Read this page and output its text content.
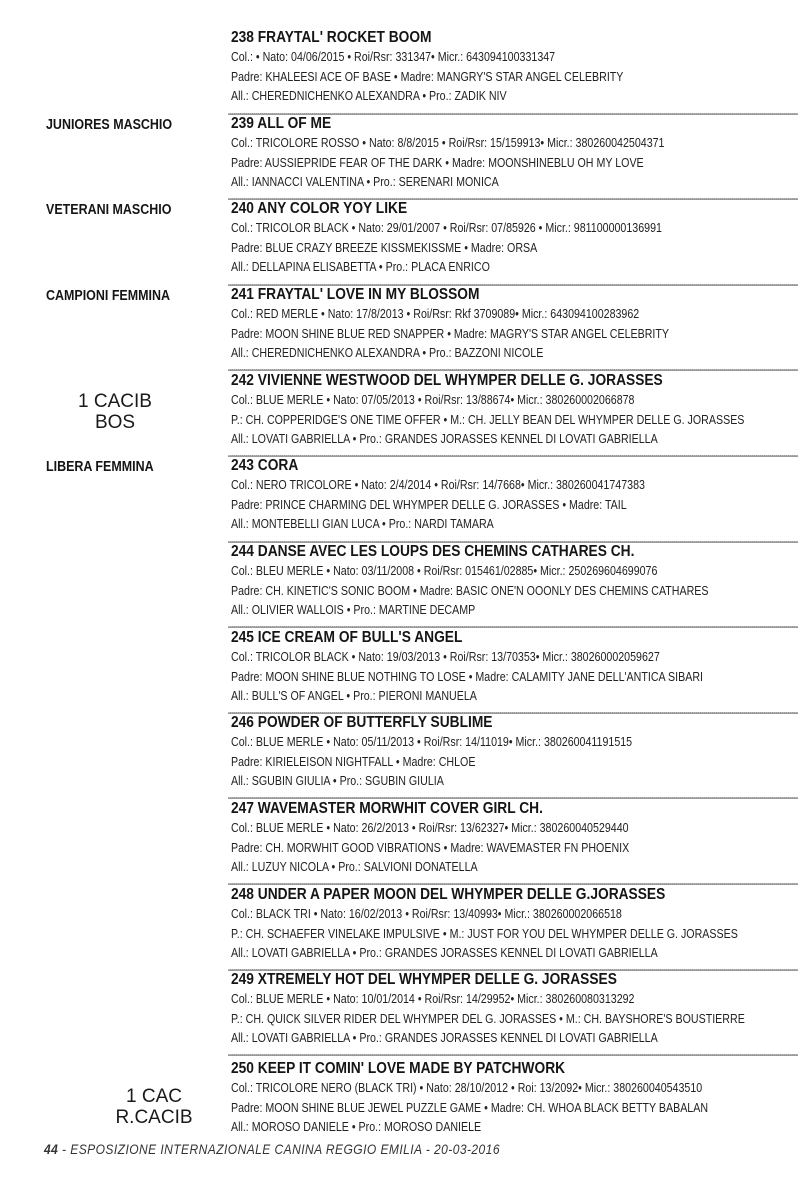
JUNIORES MASCHIO
VETERANI MASCHIO
CAMPIONI FEMMINA
LIBERA FEMMINA
1 CACIB
BOS
1 CAC
R.CACIB
238 FRAYTAL' ROCKET BOOM
Col.: • Nato: 04/06/2015 • Roi/Rsr: 331347• Micr.: 643094100331347
Padre: KHALEESI ACE OF BASE • Madre: MANGRY'S STAR ANGEL CELEBRITY
All.: CHEREDNICHENKO ALEXANDRA • Pro.: ZADIK NIV
239 ALL OF ME
Col.: TRICOLORE ROSSO • Nato: 8/8/2015 • Roi/Rsr: 15/159913• Micr.: 380260042504371
Padre: AUSSIEPRIDE FEAR OF THE DARK • Madre: MOONSHINEBLU OH MY LOVE
All.: IANNACCI VALENTINA • Pro.: SERENARI MONICA
240 ANY COLOR YOY LIKE
Col.: TRICOLOR BLACK • Nato: 29/01/2007 • Roi/Rsr: 07/85926 • Micr.: 981100000136991
Padre: BLUE CRAZY BREEZE KISSMEKISSME • Madre: ORSA
All.: DELLAPINA ELISABETTA • Pro.: PLACA ENRICO
241 FRAYTAL' LOVE IN MY BLOSSOM
Col.: RED MERLE • Nato: 17/8/2013 • Roi/Rsr: Rkf 3709089• Micr.: 643094100283962
Padre: MOON SHINE BLUE RED SNAPPER • Madre: MAGRY'S STAR ANGEL CELEBRITY
All.: CHEREDNICHENKO ALEXANDRA • Pro.: BAZZONI NICOLE
242 VIVIENNE WESTWOOD DEL WHYMPER DELLE G. JORASSES
Col.: BLUE MERLE • Nato: 07/05/2013 • Roi/Rsr: 13/88674• Micr.: 380260002066878
P.: CH. COPPERIDGE'S ONE TIME OFFER • M.: CH. JELLY BEAN DEL WHYMPER DELLE G. JORASSES
All.: LOVATI GABRIELLA • Pro.: GRANDES JORASSES KENNEL DI LOVATI GABRIELLA
243 CORA
Col.: NERO TRICOLORE • Nato: 2/4/2014 • Roi/Rsr: 14/7668• Micr.: 380260041747383
Padre: PRINCE CHARMING DEL WHYMPER DELLE G. JORASSES • Madre: TAIL
All.: MONTEBELLI GIAN LUCA • Pro.: NARDI TAMARA
244 DANSE AVEC LES LOUPS DES CHEMINS CATHARES CH.
Col.: BLEU MERLE • Nato: 03/11/2008 • Roi/Rsr: 015461/02885• Micr.: 250269604699076
Padre: CH. KINETIC'S SONIC BOOM • Madre: BASIC ONE'N OOONLY DES CHEMINS CATHARES
All.: OLIVIER WALLOIS • Pro.: MARTINE DECAMP
245 ICE CREAM OF BULL'S ANGEL
Col.: TRICOLOR BLACK • Nato: 19/03/2013 • Roi/Rsr: 13/70353• Micr.: 380260002059627
Padre: MOON SHINE BLUE NOTHING TO LOSE • Madre: CALAMITY JANE DELL'ANTICA SIBARI
All.: BULL'S OF ANGEL • Pro.: PIERONI MANUELA
246 POWDER OF BUTTERFLY SUBLIME
Col.: BLUE MERLE • Nato: 05/11/2013 • Roi/Rsr: 14/11019• Micr.: 380260041191515
Padre: KIRIELEISON NIGHTFALL • Madre: CHLOE
All.: SGUBIN GIULIA • Pro.: SGUBIN GIULIA
247 WAVEMASTER MORWHIT COVER GIRL CH.
Col.: BLUE MERLE • Nato: 26/2/2013 • Roi/Rsr: 13/62327• Micr.: 380260040529440
Padre: CH. MORWHIT GOOD VIBRATIONS • Madre: WAVEMASTER FN PHOENIX
All.: LUZUY NICOLA • Pro.: SALVIONI DONATELLA
248 UNDER A PAPER MOON DEL WHYMPER DELLE G.JORASSES
Col.: BLACK TRI • Nato: 16/02/2013 • Roi/Rsr: 13/40993• Micr.: 380260002066518
P.: CH. SCHAEFER VINELAKE IMPULSIVE • M.: JUST FOR YOU DEL WHYMPER DELLE G. JORASSES
All.: LOVATI GABRIELLA • Pro.: GRANDES JORASSES KENNEL DI LOVATI GABRIELLA
249 XTREMELY HOT DEL WHYMPER DELLE G. JORASSES
Col.: BLUE MERLE • Nato: 10/01/2014 • Roi/Rsr: 14/29952• Micr.: 380260080313292
P.: CH. QUICK SILVER RIDER DEL WHYMPER DEL G. JORASSES • M.: CH. BAYSHORE'S BOUSTIERRE
All.: LOVATI GABRIELLA • Pro.: GRANDES JORASSES KENNEL DI LOVATI GABRIELLA
250 KEEP IT COMIN' LOVE MADE BY PATCHWORK
Col.: TRICOLORE NERO (BLACK TRI) • Nato: 28/10/2012 • Roi: 13/2092• Micr.: 380260040543510
Padre: MOON SHINE BLUE JEWEL PUZZLE GAME • Madre: CH. WHOA BLACK BETTY BABALAN
All.: MOROSO DANIELE • Pro.: MOROSO DANIELE
44 - ESPOSIZIONE INTERNAZIONALE CANINA REGGIO EMILIA - 20-03-2016
